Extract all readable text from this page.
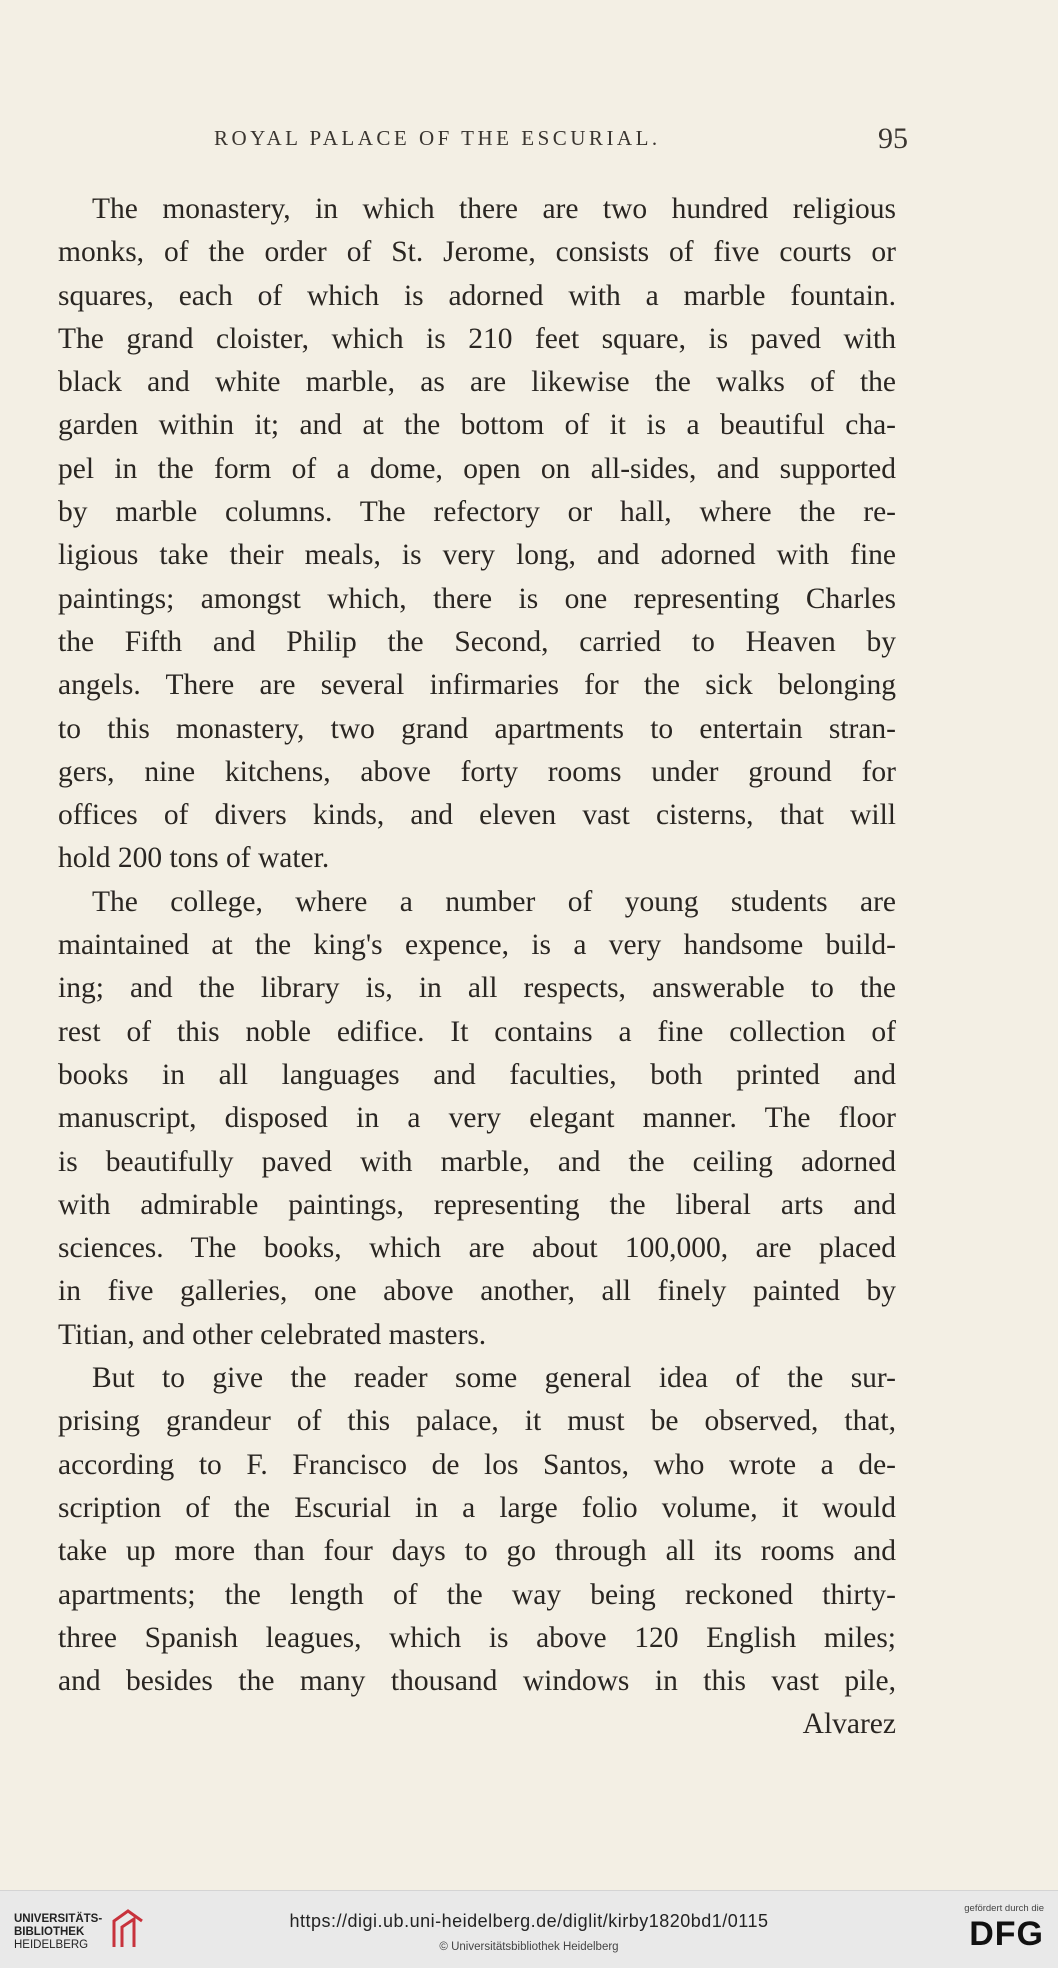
ROYAL PALACE OF THE ESCURIAL.	95
The monastery, in which there are two hundred religious
monks, of the order of St. Jerome, consists of five courts or
squares, each of which is adorned with a marble fountain.
The grand cloister, which is 210 feet square, is paved with
black and white marble, as are likewise the walks of the
garden within it; and at the bottom of it is a beautiful cha-
pel in the form of a dome, open on all-sides, and supported
by marble columns. The refectory or hall, where the re-
ligious take their meals, is very long, and adorned with fine
paintings; amongst which, there is one representing Charles
the Fifth and Philip the Second, carried to Heaven by
angels. There are several infirmaries for the sick belonging
to this monastery, two grand apartments to entertain stran-
gers, nine kitchens, above forty rooms under ground for
offices of divers kinds, and eleven vast cisterns, that will
hold 200 tons of water.
The college, where a number of young students are
maintained at the king's expence, is a very handsome build-
ing; and the library is, in all respects, answerable to the
rest of this noble edifice. It contains a fine collection of
books in all languages and faculties, both printed and
manuscript, disposed in a very elegant manner. The floor
is beautifully paved with marble, and the ceiling adorned
with admirable paintings, representing the liberal arts and
sciences. The books, which are about 100,000, are placed
in five galleries, one above another, all finely painted by
Titian, and other celebrated masters.
But to give the reader some general idea of the sur-
prising grandeur of this palace, it must be observed, that,
according to F. Francisco de los Santos, who wrote a de-
scription of the Escurial in a large folio volume, it would
take up more than four days to go through all its rooms and
apartments; the length of the way being reckoned thirty-
three Spanish leagues, which is above 120 English miles;
and besides the many thousand windows in this vast pile,
Alvarez
UNIVERSITÄTS-
BIBLIOTHEK
HEIDELBERG
https://digi.ub.uni-heidelberg.de/diglit/kirby1820bd1/0115
© Universitätsbibliothek Heidelberg
gefördert durch die
DFG
